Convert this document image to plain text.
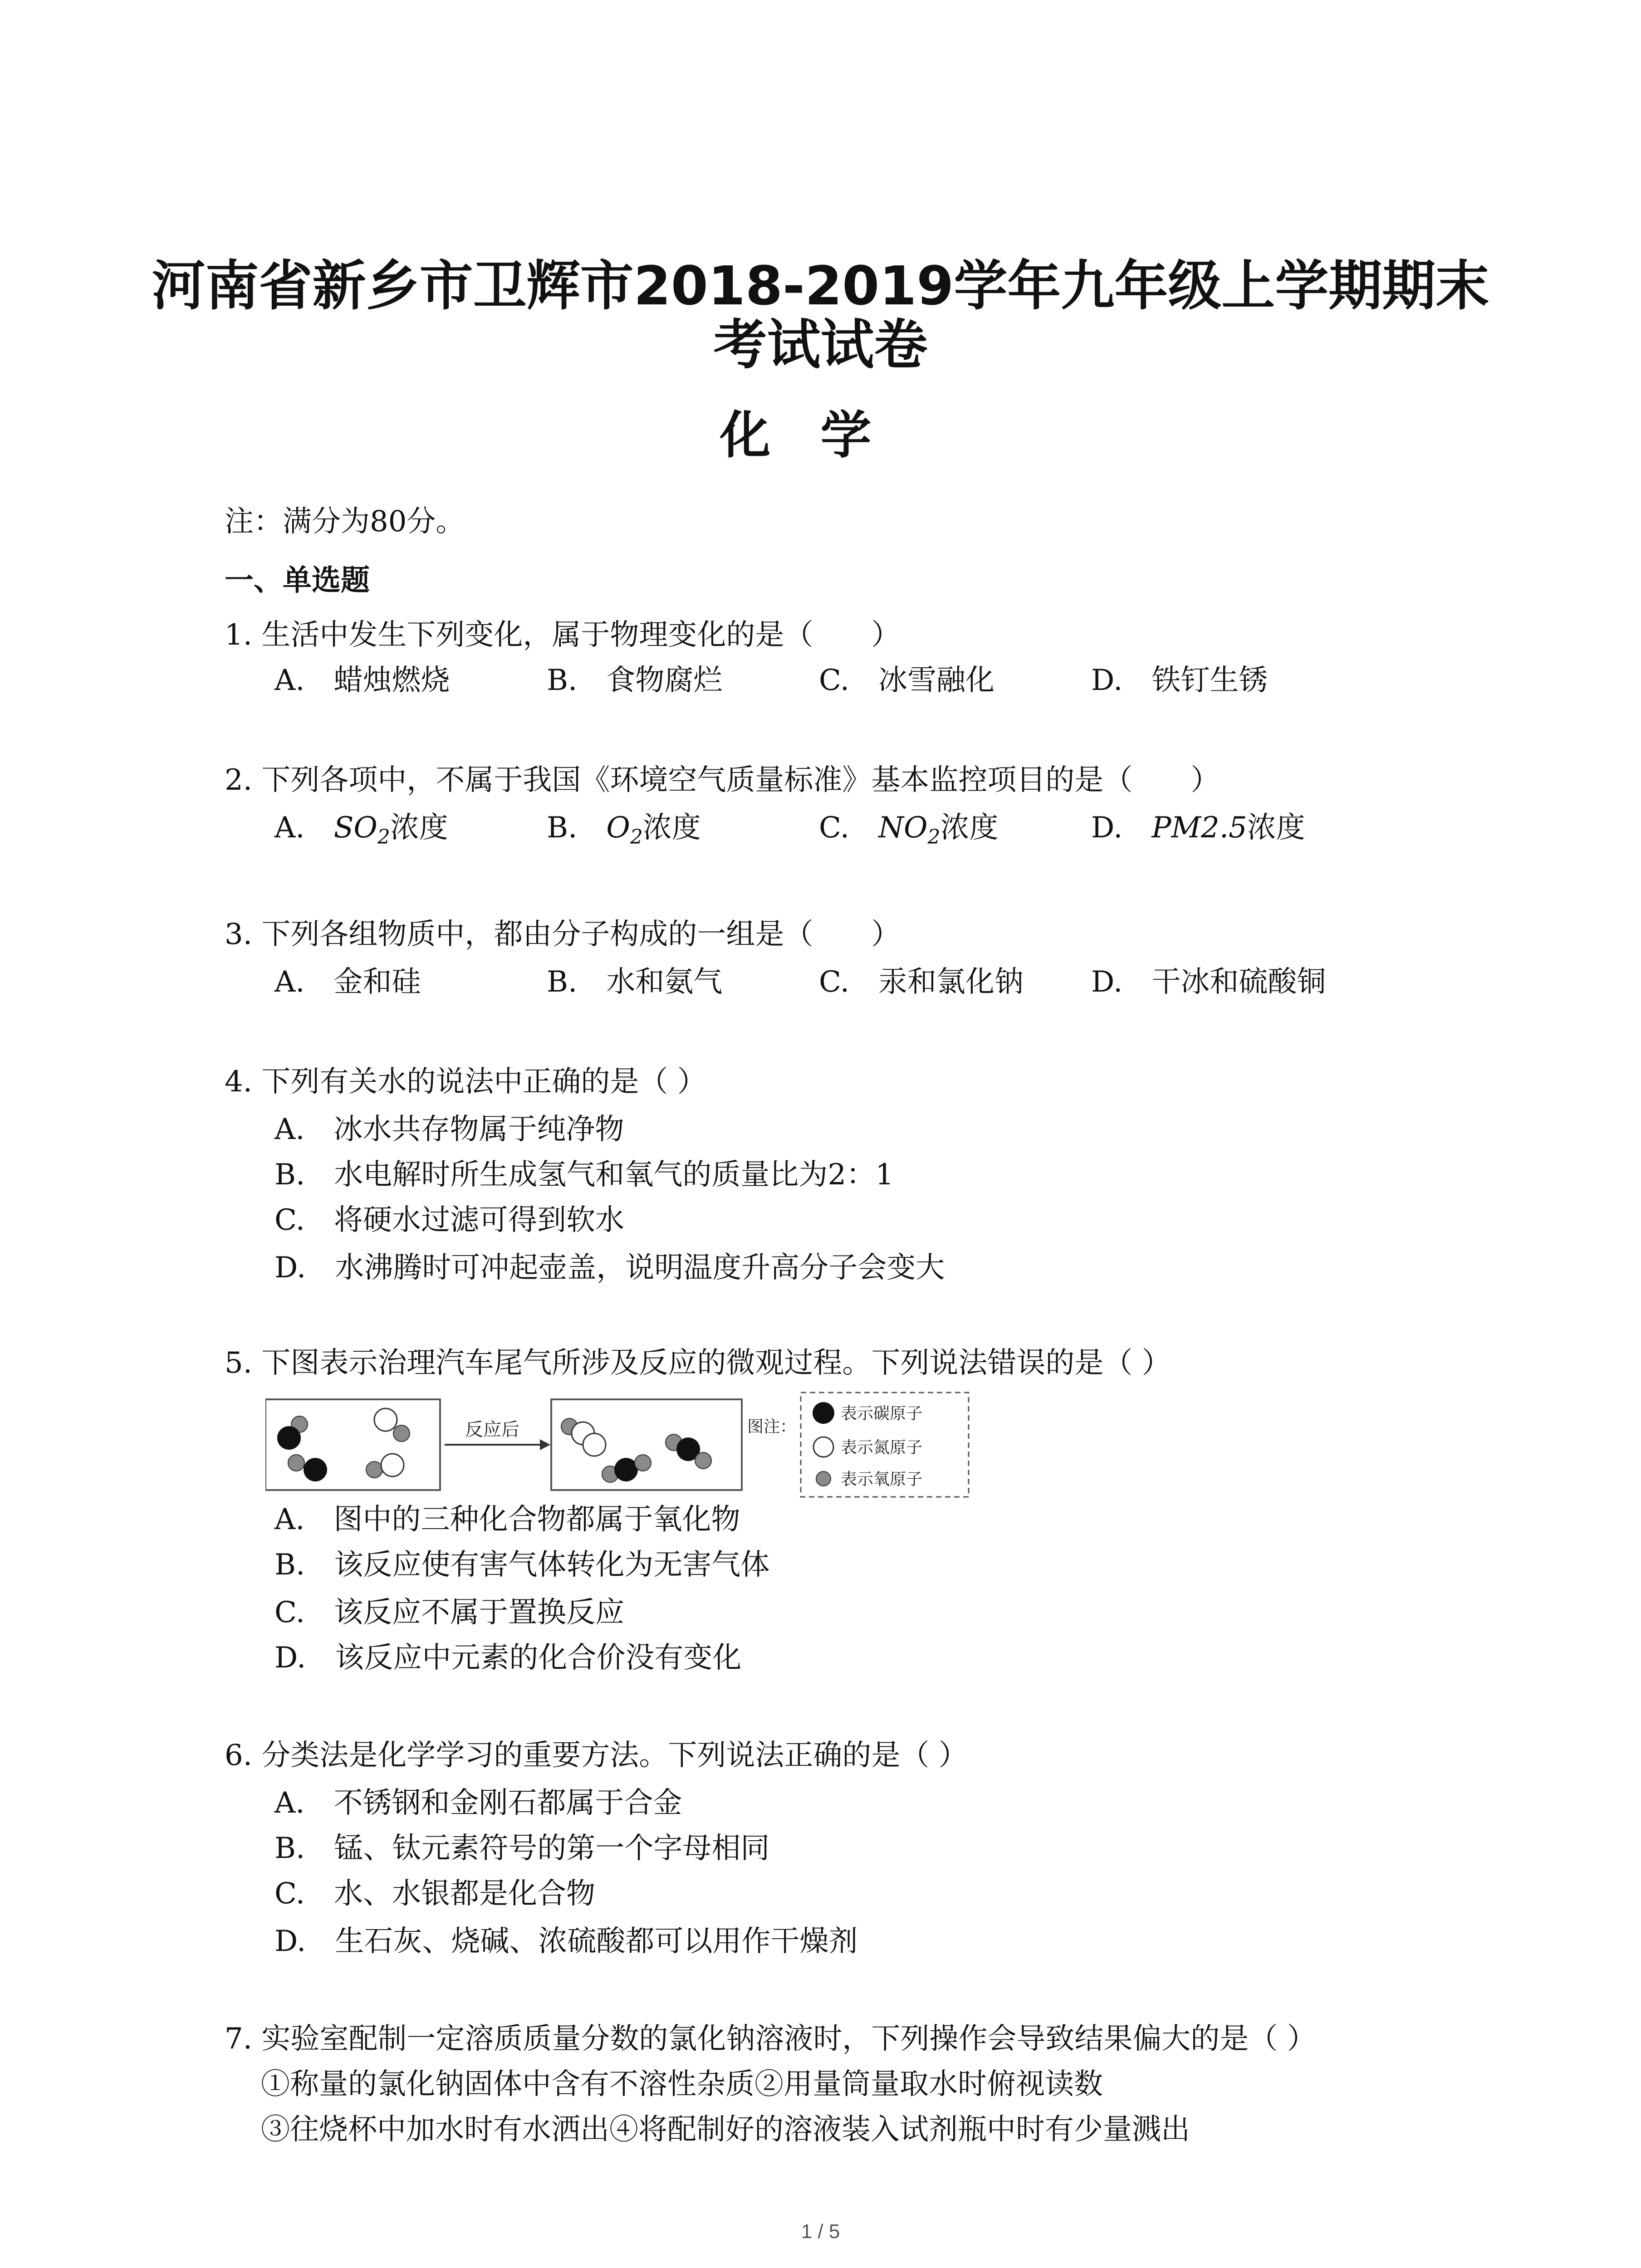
河南省新乡市卫辉市2018-2019学年九年级上学期期末
考试试卷
化学
注：满分为80分。
一、单选题
1. 生活中发生下列变化，属于物理变化的是（　　）
A.　蜡烛燃烧	B.　食物腐烂	C.　冰雪融化	D.　铁钉生锈
2. 下列各项中，不属于我国《环境空气质量标准》基本监控项目的是（　　）
A.　$SO_2$浓度	B.　$O_2$浓度	C.　$NO_2$浓度	D.　PM2.5浓度
3. 下列各组物质中，都由分子构成的一组是（　　）
A.　金和硅	B.　水和氨气	C.　汞和氯化钠 D.　干冰和硫酸铜
4. 下列有关水的说法中正确的是（ ）
A.　冰水共存物属于纯净物
B.　水电解时所生成氢气和氧气的质量比为2：1
C.　将硬水过滤可得到软水
D.　水沸腾时可冲起壶盖，说明温度升高分子会变大
5. 下图表示治理汽车尾气所涉及反应的微观过程。下列说法错误的是（ ）
反应后	图注：
表示碳原子
表示氮原子
表示氧原子
A.　图中的三种化合物都属于氧化物
B.　该反应使有害气体转化为无害气体
C.　该反应不属于置换反应
D.　该反应中元素的化合价没有变化
6. 分类法是化学学习的重要方法。下列说法正确的是（ ）
A.　不锈钢和金刚石都属于合金
B.　锰、钛元素符号的第一个字母相同
C.　水、水银都是化合物
D.　生石灰、烧碱、浓硫酸都可以用作干燥剂
7. 实验室配制一定溶质质量分数的氯化钠溶液时，下列操作会导致结果偏大的是（ ）
①称量的氯化钠固体中含有不溶性杂质②用量筒量取水时俯视读数
③往烧杯中加水时有水洒出④将配制好的溶液装入试剂瓶中时有少量溅出
1 / 5
